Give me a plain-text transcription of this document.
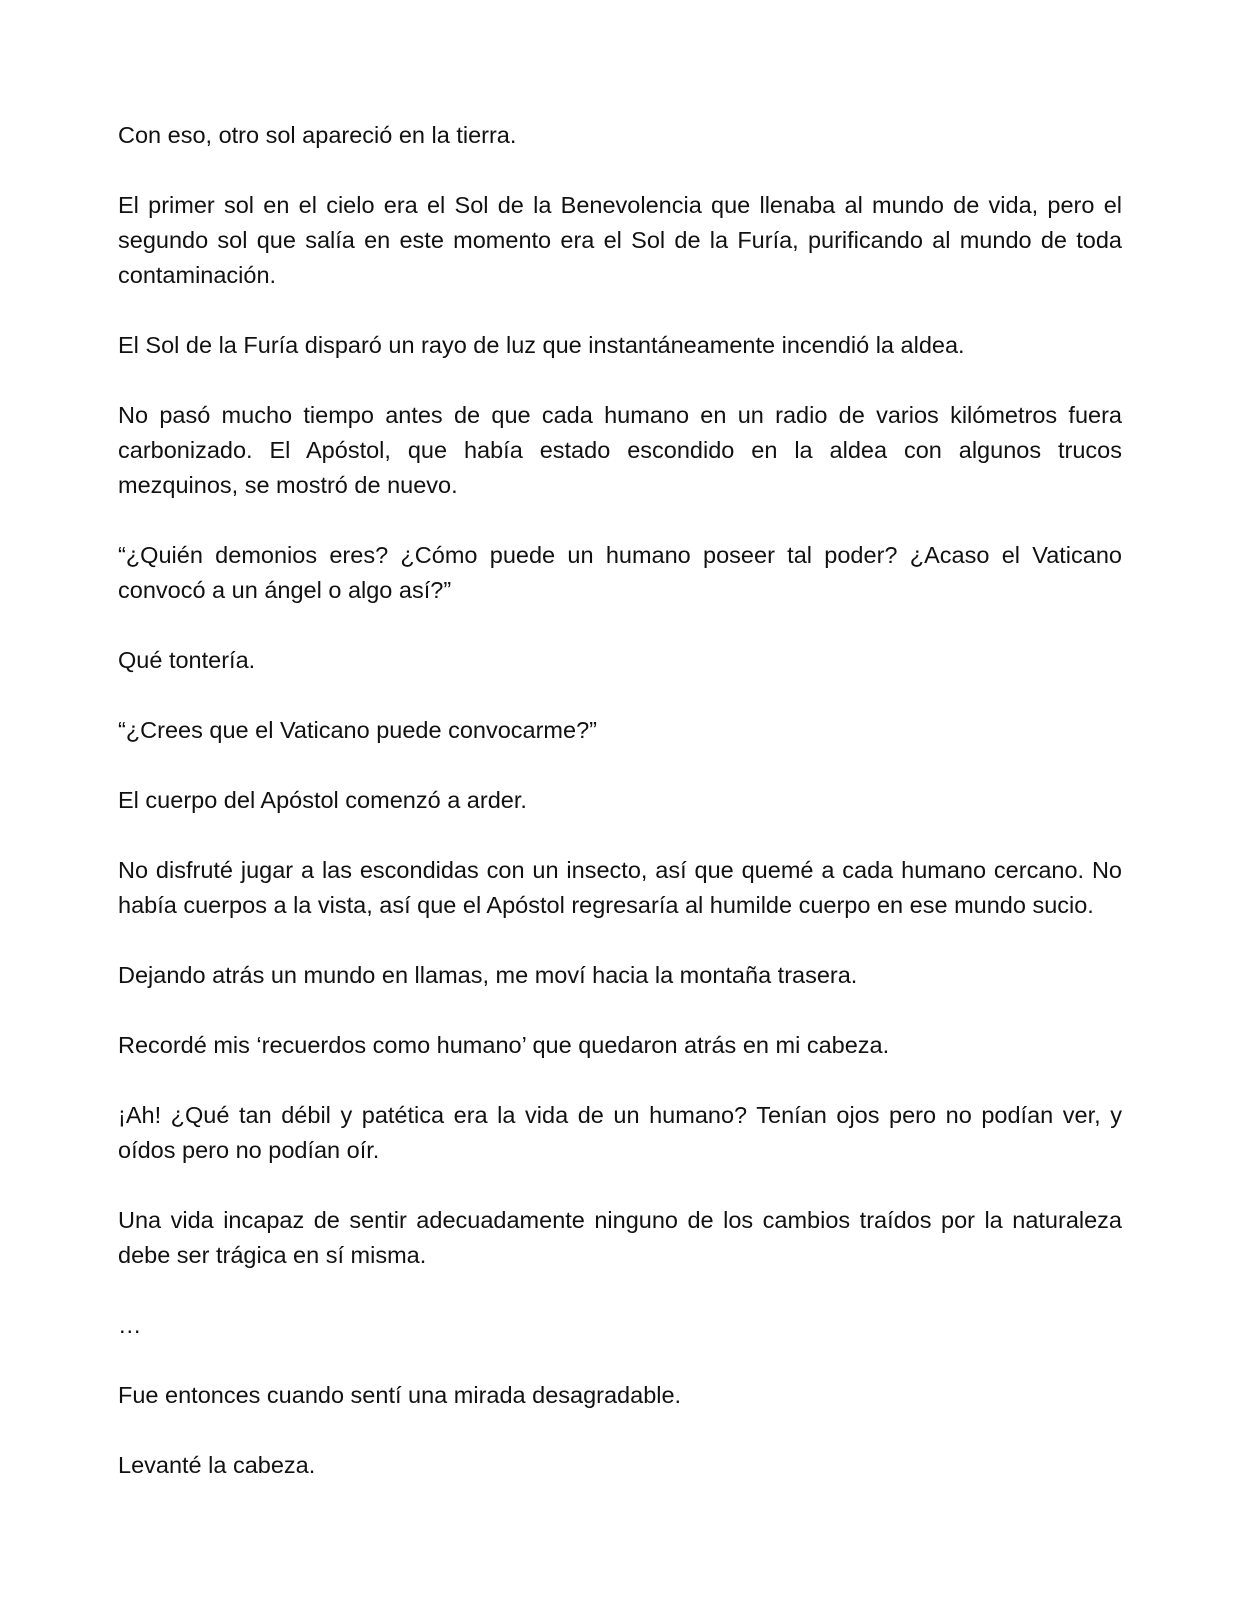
Con eso, otro sol apareció en la tierra.

El primer sol en el cielo era el Sol de la Benevolencia que llenaba al mundo de vida, pero el segundo sol que salía en este momento era el Sol de la Furía, purificando al mundo de toda contaminación.

El Sol de la Furía disparó un rayo de luz que instantáneamente incendió la aldea.

No pasó mucho tiempo antes de que cada humano en un radio de varios kilómetros fuera carbonizado. El Apóstol, que había estado escondido en la aldea con algunos trucos mezquinos, se mostró de nuevo.

“¿Quién demonios eres? ¿Cómo puede un humano poseer tal poder? ¿Acaso el Vaticano convocó a un ángel o algo así?”

Qué tontería.

“¿Crees que el Vaticano puede convocarme?”

El cuerpo del Apóstol comenzó a arder.

No disfruté jugar a las escondidas con un insecto, así que quemé a cada humano cercano. No había cuerpos a la vista, así que el Apóstol regresaría al humilde cuerpo en ese mundo sucio.

Dejando atrás un mundo en llamas, me moví hacia la montaña trasera.

Recordé mis ‘recuerdos como humano’ que quedaron atrás en mi cabeza.

¡Ah! ¿Qué tan débil y patética era la vida de un humano? Tenían ojos pero no podían ver, y oídos pero no podían oír.

Una vida incapaz de sentir adecuadamente ninguno de los cambios traídos por la naturaleza debe ser trágica en sí misma.

…

Fue entonces cuando sentí una mirada desagradable.

Levanté la cabeza.
